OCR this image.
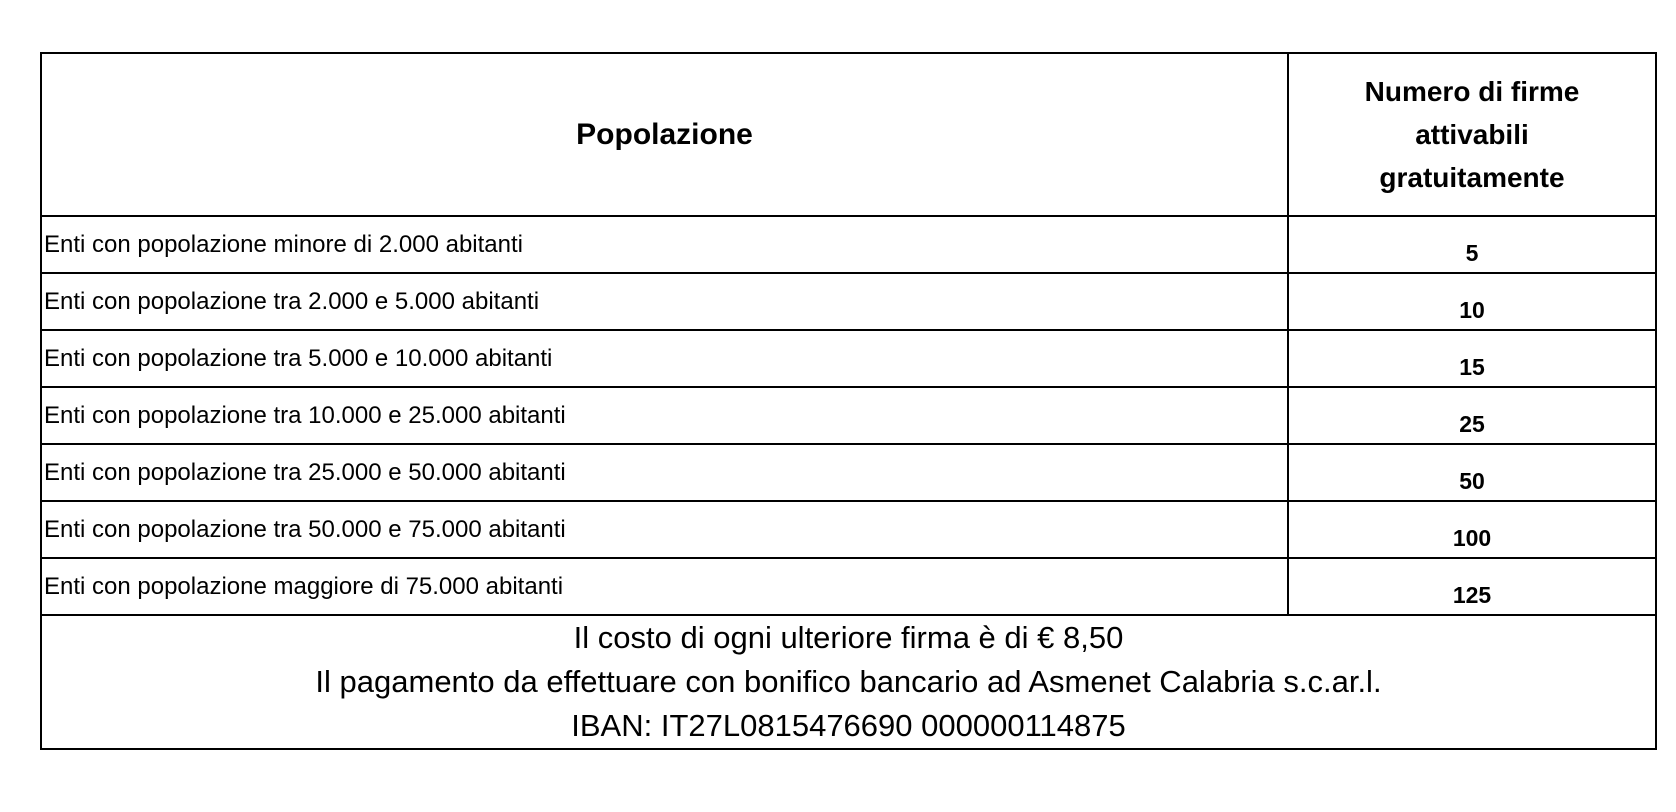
Popolazione
Numero di firme
attivabili
gratuitamente
Enti con popolazione minore di 2.000 abitanti	5
Enti con popolazione tra 2.000 e 5.000 abitanti	10
Enti con popolazione tra 5.000 e 10.000 abitanti	15
Enti con popolazione tra 10.000 e 25.000 abitanti	25
Enti con popolazione tra 25.000 e 50.000 abitanti	50
Enti con popolazione tra 50.000 e 75.000 abitanti	100
Enti con popolazione maggiore di 75.000 abitanti	125
Il costo di ogni ulteriore firma è di € 8,50
Il pagamento da effettuare con bonifico bancario ad Asmenet Calabria s.c.ar.l.
IBAN: IT27L0815476690 000000114875
